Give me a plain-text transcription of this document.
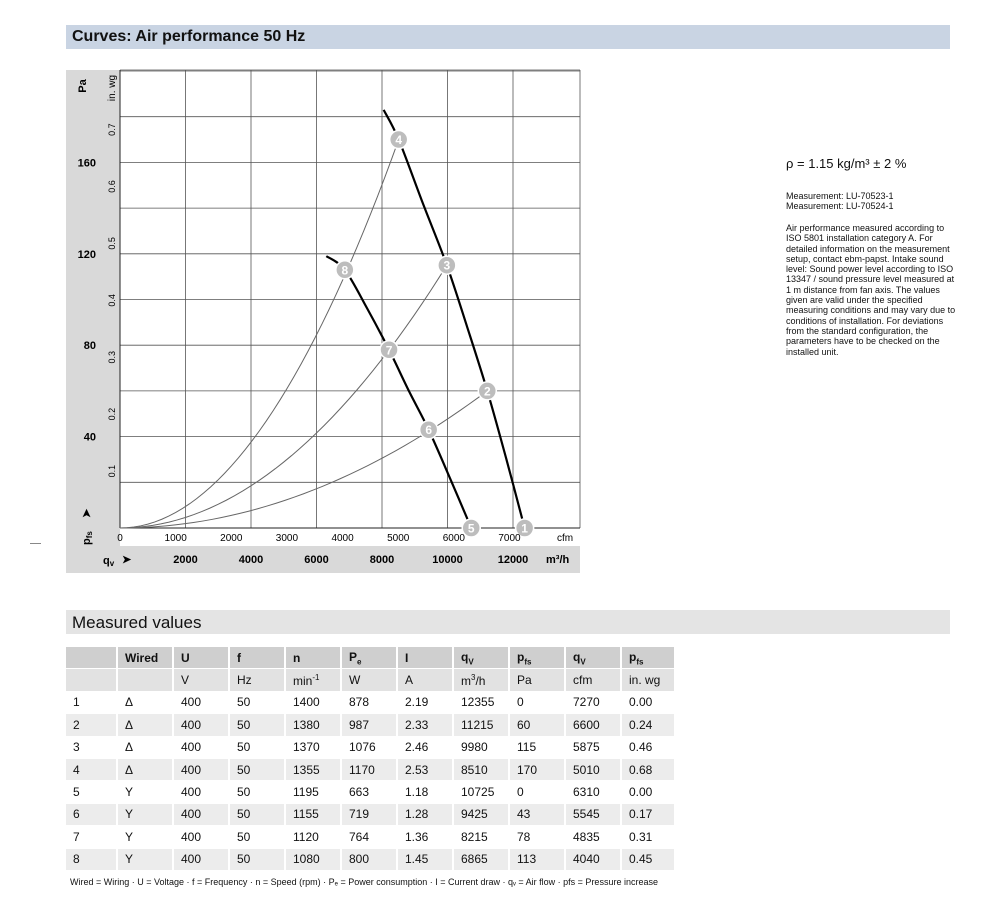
Curves: Air performance 50 Hz
1
2
3
4
5
6
7
8
Pa in. wg
cfm
m³/h
qv ➤
pfs
➤
40
80
120
160
0.1
0.2
0.3
0.4
0.5
0.6
0.7
0	1000	2000	3000	4000	5000	6000	7000
2000	4000	6000	8000	10000	12000
ρ = 1.15 kg/m³ ± 2 %
Measurement: LU-70523-1
Measurement: LU-70524-1
Air performance measured according to ISO 5801 installation category A. For detailed information on the measurement setup, contact ebm-papst. Intake sound level: Sound power level according to ISO 13347 / sound pressure level measured at 1 m distance from fan axis. The values given are valid under the specified measuring conditions and may vary due to conditions of installation. For deviations from the standard configuration, the parameters have to be checked on the installed unit.
Measured values
	Wired	U	f	n	$P_e$	I	$q_V$	$p_{fs}$	$q_V$	$p_{fs}$
		V	Hz	$\min^{-1}$	W	A	$m^3/h$	Pa	cfm	in. wg
1	Δ	400	50	1400	878	2.19	12355	0	7270	0.00
2	Δ	400	50	1380	987	2.33	11215	60	6600	0.24
3	Δ	400	50	1370	1076	2.46	9980	115	5875	0.46
4	Δ	400	50	1355	1170	2.53	8510	170	5010	0.68
5	Y	400	50	1195	663	1.18	10725	0	6310	0.00
6	Y	400	50	1155	719	1.28	9425	43	5545	0.17
7	Y	400	50	1120	764	1.36	8215	78	4835	0.31
8	Y	400	50	1080	800	1.45	6865	113	4040	0.45
Wired = Wiring · U = Voltage · f = Frequency · n = Speed (rpm) · Pₑ = Power consumption · I = Current draw · qᵥ = Air flow · pfs = Pressure increase
